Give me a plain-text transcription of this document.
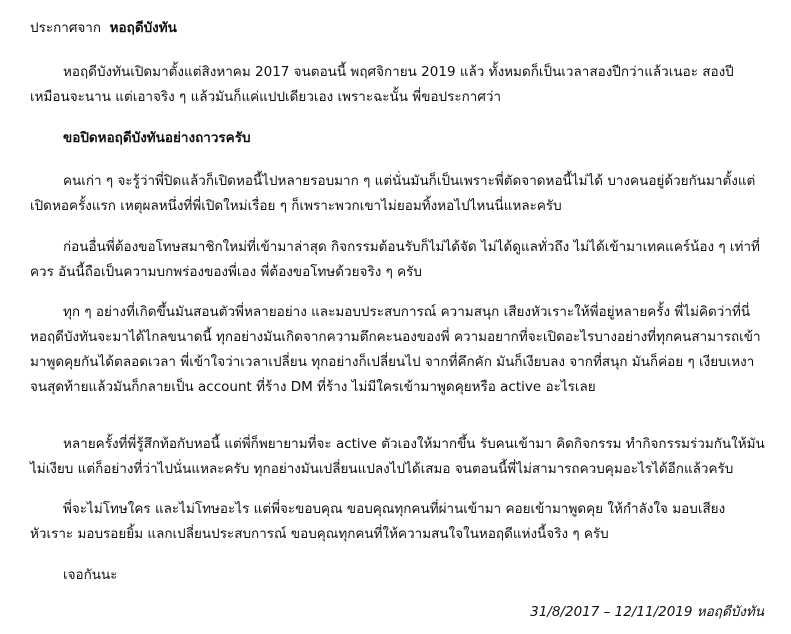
ประกาศจาก หอฤดีบังทัน

หอฤดีบังทันเปิดมาตั้งแต่สิงหาคม 2017 จนตอนนี้ พฤศจิกายน 2019 แล้ว ทั้งหมดก็เป็นเวลาสองปีกว่าแล้วเนอะ สองปี เหมือนจะนาน แต่เอาจริง ๆ แล้วมันก็แค่แปปเดียวเอง เพราะฉะนั้น พี่ขอประกาศว่า

ขอปิดหอฤดีบังทันอย่างถาวรครับ

คนเก่า ๆ จะรู้ว่าพี่ปิดแล้วก็เปิดหอนี้ไปหลายรอบมาก ๆ แต่นั่นมันก็เป็นเพราะพี่ตัดจาดหอนี้ไม่ได้ บางคนอยู่ด้วยกันมาตั้งแต่ เปิดหอครั้งแรก เหตุผลหนึ่งที่พี่เปิดใหม่เรื่อย ๆ ก็เพราะพวกเขาไม่ยอมทิ้งหอไปไหนนี่แหละครับ

ก่อนอื่นพี่ต้องขอโทษสมาชิกใหม่ที่เข้ามาล่าสุด กิจกรรมต้อนรับก็ไม่ได้จัด ไม่ได้ดูแลทั่วถึง ไม่ได้เข้ามาเทคแคร์น้อง ๆ เท่าที่ควร อันนี้ถือเป็นความบกพร่องของพี่เอง พี่ต้องขอโทษด้วยจริง ๆ ครับ

ทุก ๆ อย่างที่เกิดขึ้นมันสอนตัวพี่หลายอย่าง และมอบประสบการณ์ ความสนุก เสียงหัวเราะให้พี่อยู่หลายครั้ง พี่ไม่คิดว่าที่นี่ หอฤดีบังทันจะมาได้ไกลขนาดนี้ ทุกอย่างมันเกิดจากความตึกคะนองของพี่ ความอยากที่จะเปิดอะไรบางอย่างที่ทุกคนสามารถเข้า มาพูดคุยกันได้ตลอดเวลา พี่เข้าใจว่าเวลาเปลี่ยน ทุกอย่างก็เปลี่ยนไป จากที่คึกคัก มันก็เงียบลง จากที่สนุก มันก็ค่อย ๆ เงียบเหงา จนสุดท้ายแล้วมันก็กลายเป็น account ที่ร้าง DM ที่ร้าง ไม่มีใครเข้ามาพูดคุยหรือ active อะไรเลย

หลายครั้งที่พี่รู้สึกท้อกับหอนี้ แต่พี่ก็พยายามที่จะ active ตัวเองให้มากขึ้น รับคนเข้ามา คิดกิจกรรม ทำกิจกรรมร่วมกันให้มัน ไม่เงียบ แต่ก็อย่างที่ว่าไปนั่นแหละครับ ทุกอย่างมันเปลี่ยนแปลงไปได้เสมอ จนตอนนี้พี่ไม่สามารถควบคุมอะไรได้อีกแล้วครับ

พี่จะไม่โทษใคร และไม่โทษอะไร แต่พี่จะขอบคุณ ขอบคุณทุกคนที่ผ่านเข้ามา คอยเข้ามาพูดคุย ให้กำลังใจ มอบเสียงหัวเราะ มอบรอยยิ้ม แลกเปลี่ยนประสบการณ์ ขอบคุณทุกคนที่ให้ความสนใจในหอฤดีแห่งนี้จริง ๆ ครับ

เจอกันนะ

31/8/2017 – 12/11/2019 หอฤดีบังทัน
